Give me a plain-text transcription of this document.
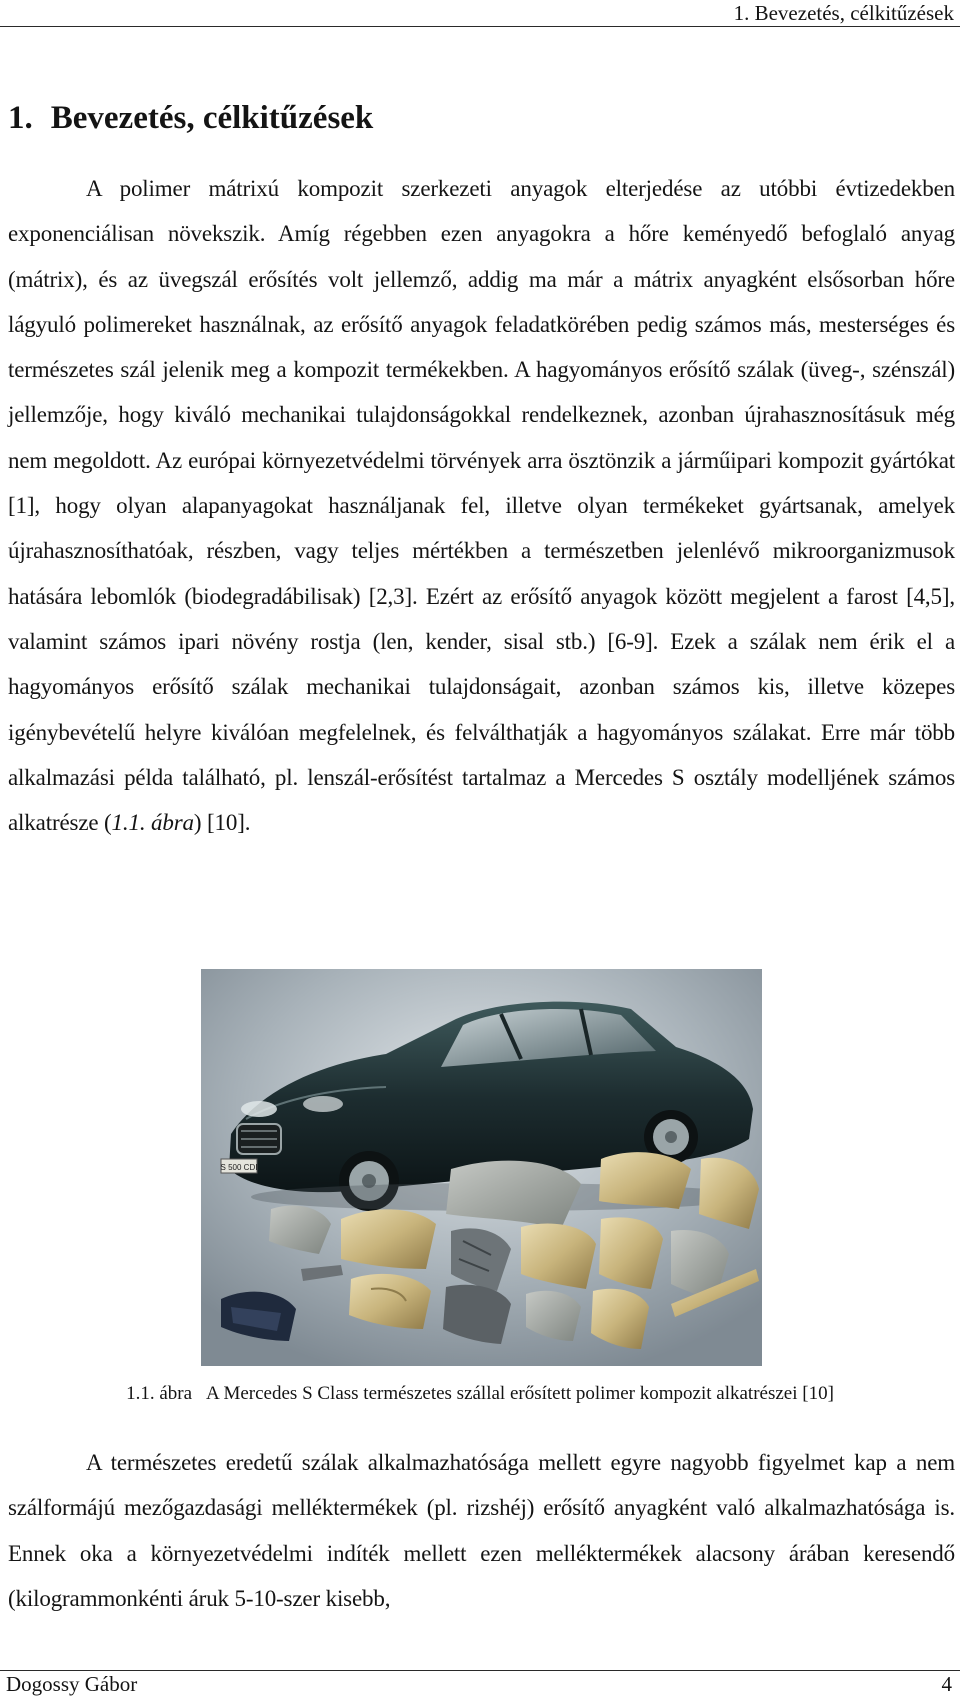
1. Bevezetés, célkitűzések
1. Bevezetés, célkitűzések

A polimer mátrixú kompozit szerkezeti anyagok elterjedése az utóbbi évtizedekben exponenciálisan növekszik. Amíg régebben ezen anyagokra a hőre keményedő befoglaló anyag (mátrix), és az üvegszál erősítés volt jellemző, addig ma már a mátrix anyagként elsősorban hőre lágyuló polimereket használnak, az erősítő anyagok feladatkörében pedig számos más, mesterséges és természetes szál jelenik meg a kompozit termékekben. A hagyományos erősítő szálak (üveg-, szénszál) jellemzője, hogy kiváló mechanikai tulajdonságokkal rendelkeznek, azonban újrahasznosításuk még nem megoldott. Az európai környezetvédelmi törvények arra ösztönzik a járműipari kompozit gyártókat [1], hogy olyan alapanyagokat használjanak fel, illetve olyan termékeket gyártsanak, amelyek újrahasznosíthatóak, részben, vagy teljes mértékben a természetben jelenlévő mikroorganizmusok hatására lebomlók (biodegradábilisak) [2,3]. Ezért az erősítő anyagok között megjelent a farost [4,5], valamint számos ipari növény rostja (len, kender, sisal stb.) [6-9]. Ezek a szálak nem érik el a hagyományos erősítő szálak mechanikai tulajdonságait, azonban számos kis, illetve közepes igénybevételű helyre kiválóan megfelelnek, és felválthatják a hagyományos szálakat. Erre már több alkalmazási példa található, pl. lenszál-erősítést tartalmaz a Mercedes S osztály modelljének számos alkatrésze (1.1. ábra) [10].

S 500 CDI
1.1. ábra A Mercedes S Class természetes szállal erősített polimer kompozit alkatrészei [10]

A természetes eredetű szálak alkalmazhatósága mellett egyre nagyobb figyelmet kap a nem szálformájú mezőgazdasági melléktermékek (pl. rizshéj) erősítő anyagként való alkalmazhatósága is. Ennek oka a környezetvédelmi indíték mellett ezen melléktermékek alacsony árában keresendő (kilogrammonkénti áruk 5-10-szer kisebb,

Dogossy Gábor	4
